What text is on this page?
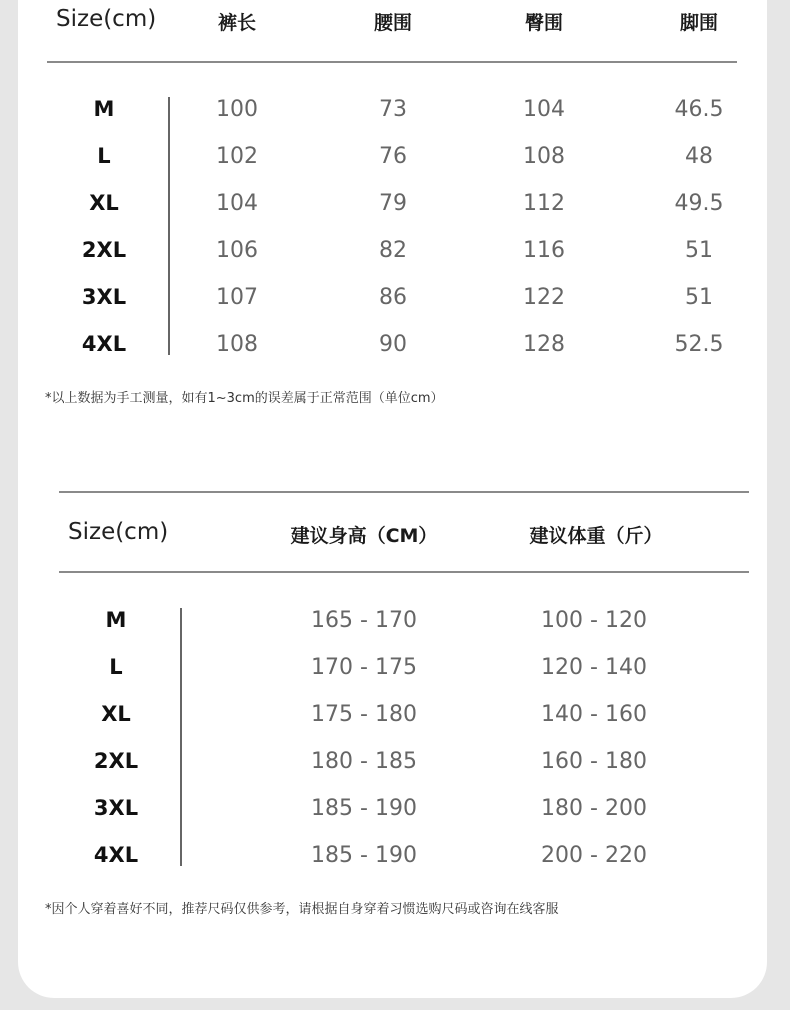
Size(cm)	裤长	腰围	臀围	脚围
M	100	73	104	46.5
L	102	76	108	48
XL	104	79	112	49.5
2XL	106	82	116	51
3XL	107	86	122	51
4XL	108	90	128	52.5
*以上数据为手工测量，如有1~3cm的误差属于正常范围（单位cm）
Size(cm)	建议身高（CM）	建议体重（斤）
M	165 - 170	100 - 120
L	170 - 175	120 - 140
XL	175 - 180	140 - 160
2XL	180 - 185	160 - 180
3XL	185 - 190	180 - 200
4XL	185 - 190	200 - 220
*因个人穿着喜好不同，推荐尺码仅供参考，请根据自身穿着习惯选购尺码或咨询在线客服
